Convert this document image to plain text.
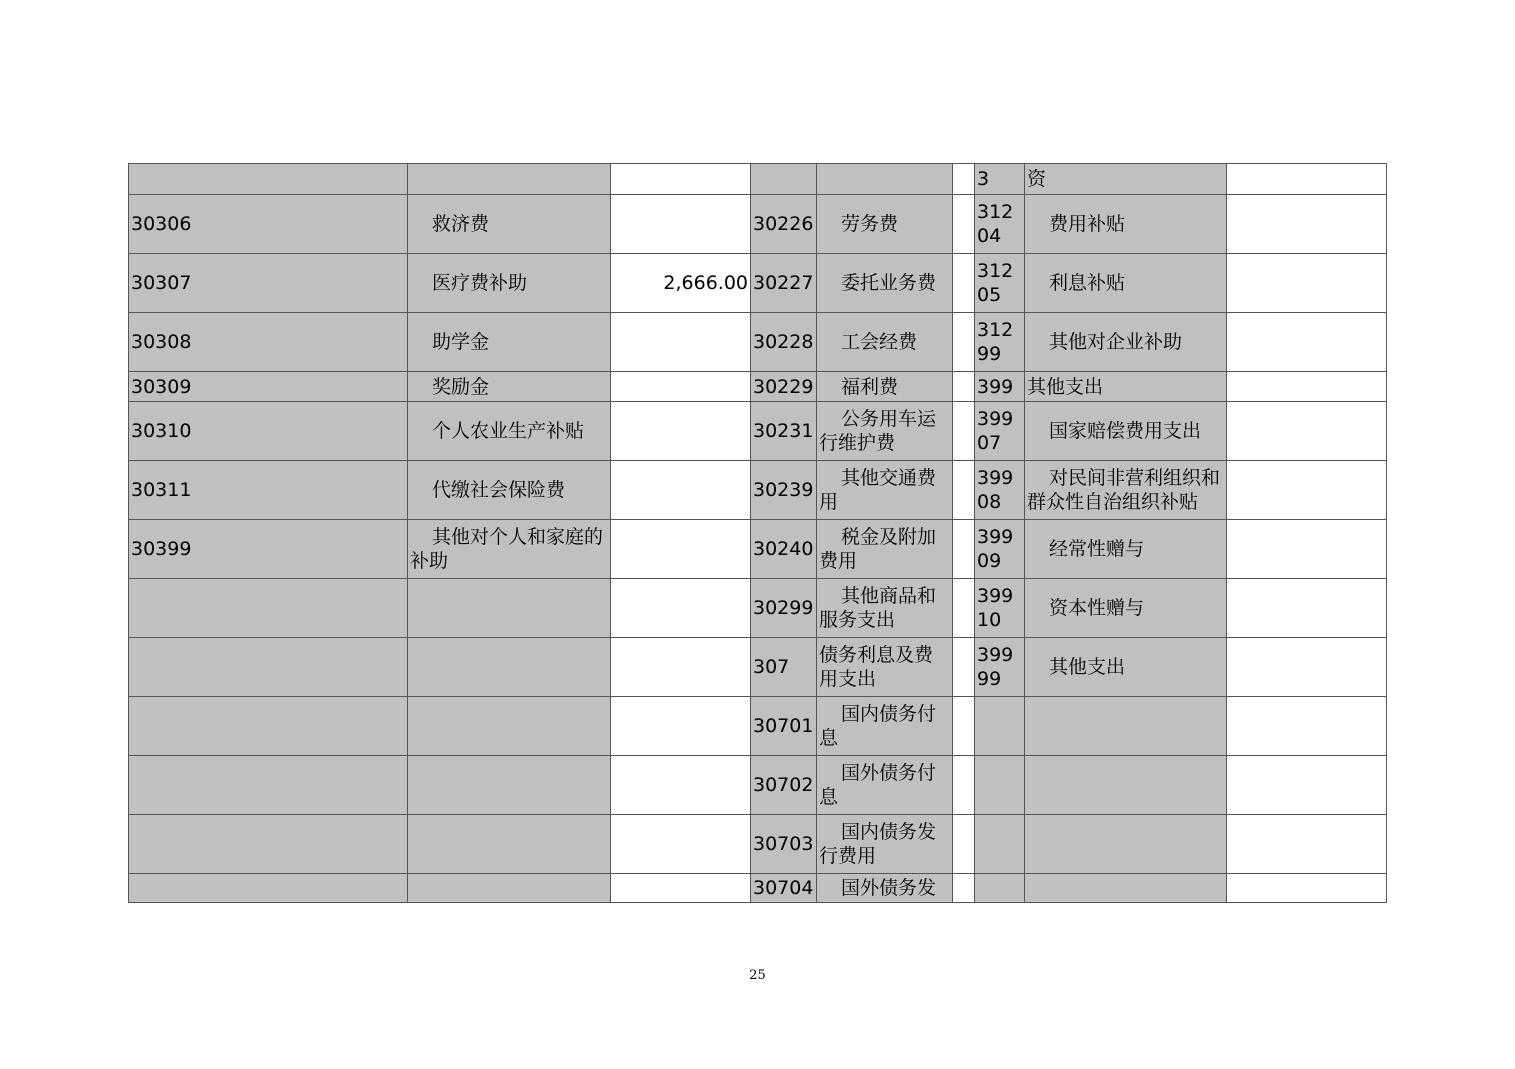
						3	资	
30306	救济费		30226	劳务费		31204	费用补贴	
30307	医疗费补助	2,666.00	30227	委托业务费		31205	利息补贴	
30308	助学金		30228	工会经费		31299	其他对企业补助	
30309	奖励金		30229	福利费		399	其他支出	
30310	个人农业生产补贴		30231	公务用车运行维护费		39907	国家赔偿费用支出	
30311	代缴社会保险费		30239	其他交通费用		39908	对民间非营利组织和群众性自治组织补贴	
30399	其他对个人和家庭的补助		30240	税金及附加费用		39909	经常性赠与	
			30299	其他商品和服务支出		39910	资本性赠与	
			307	债务利息及费用支出		39999	其他支出	
			30701	国内债务付息				
			30702	国外债务付息				
			30703	国内债务发行费用				
			30704	国外债务发				
25
